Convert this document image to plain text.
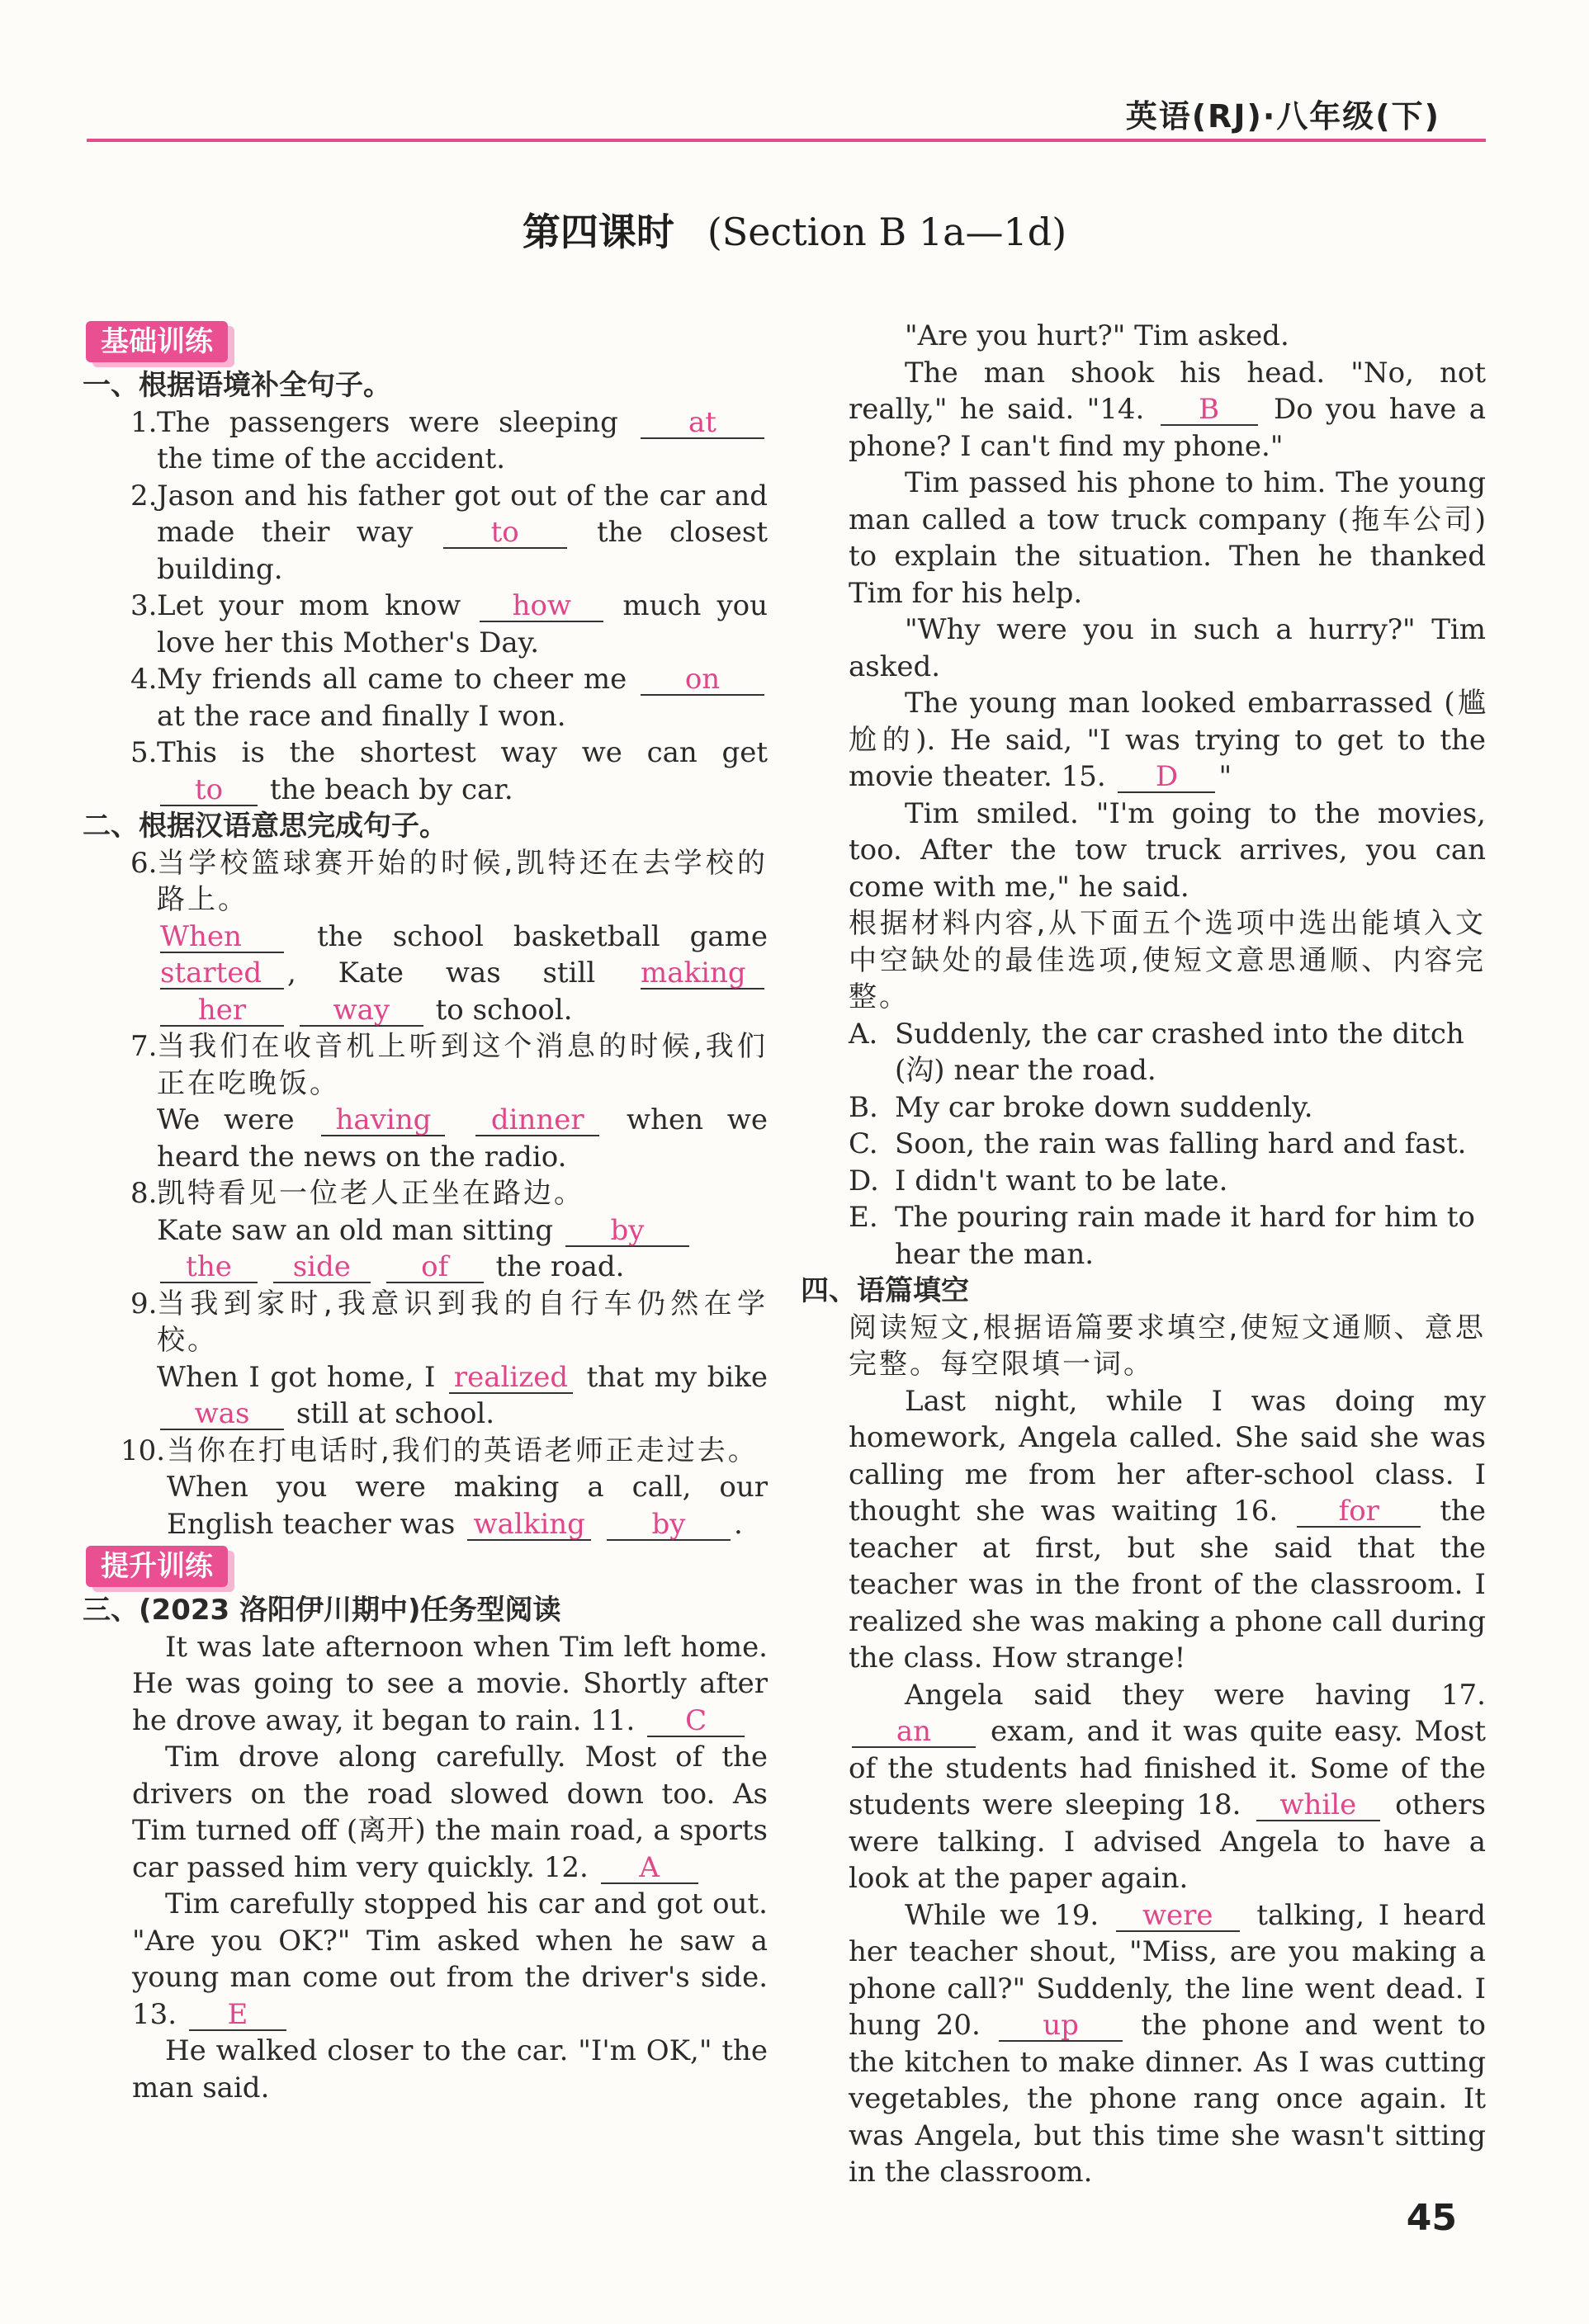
英语(RJ)·八年级(下)
第四课时 (Section B 1a—1d)
基础训练
一、根据语境补全句子。
1. The passengers were sleeping	at the time of the accident.
2. Jason and his father got out of the car and made their way	to	the closest building.
3. Let your mom know how much you love her this Mother's Day.
4. My friends all came to cheer me on at the race and finally I won.
5. This is the shortest way we can get to the beach by car.
二、根据汉语意思完成句子。
6. 当学校篮球赛开始的时候,凯特还在去学校的路上。
When	the school basketball game
started , Kate was still making
her	way to school.
7. 当我们在收音机上听到这个消息的时候,我们正在吃晚饭。
We were having dinner when we heard the news on the radio.
8. 凯特看见一位老人正坐在路边。
Kate saw an old man sitting by
the side	of the road.
9. 当我到家时,我意识到我的自行车仍然在学校。
When I got home, I realized that my bike was still at school.
10. 当你在打电话时,我们的英语老师正走过去。
When you were making a call, our English teacher was walking by .
提升训练
三、(2023 洛阳伊川期中)任务型阅读
It was late afternoon when Tim left home. He was going to see a movie. Shortly after he drove away, it began to rain. 11. C
Tim drove along carefully. Most of the drivers on the road slowed down too. As Tim turned off (离开) the main road, a sports car passed him very quickly. 12. A
Tim carefully stopped his car and got out. "Are you OK?" Tim asked when he saw a young man come out from the driver's side. 13. E
He walked closer to the car. "I'm OK," the man said.
"Are you hurt?" Tim asked.
The man shook his head. "No, not really," he said. "14. B Do you have a phone? I can't find my phone."
Tim passed his phone to him. The young man called a tow truck company (拖车公司) to explain the situation. Then he thanked Tim for his help.
"Why were you in such a hurry?" Tim asked.
The young man looked embarrassed (尴尬的). He said, "I was trying to get to the movie theater. 15. D "
Tim smiled. "I'm going to the movies, too. After the tow truck arrives, you can come with me," he said.
根据材料内容,从下面五个选项中选出能填入文中空缺处的最佳选项,使短文意思通顺、内容完整。
A. Suddenly, the car crashed into the ditch (沟) near the road.
B. My car broke down suddenly.
C. Soon, the rain was falling hard and fast.
D. I didn't want to be late.
E. The pouring rain made it hard for him to hear the man.
四、语篇填空
阅读短文,根据语篇要求填空,使短文通顺、意思完整。每空限填一词。
Last night, while I was doing my homework, Angela called. She said she was calling me from her after-school class. I thought she was waiting 16. for the teacher at first, but she said that the teacher was in the front of the classroom. I realized she was making a phone call during the class. How strange!
Angela said they were having 17. an exam, and it was quite easy. Most of the students had finished it. Some of the students were sleeping 18. while others were talking. I advised Angela to have a look at the paper again.
While we 19. were talking, I heard her teacher shout, "Miss, are you making a phone call?" Suddenly, the line went dead. I hung 20. up the phone and went to the kitchen to make dinner. As I was cutting vegetables, the phone rang once again. It was Angela, but this time she wasn't sitting in the classroom.
45
